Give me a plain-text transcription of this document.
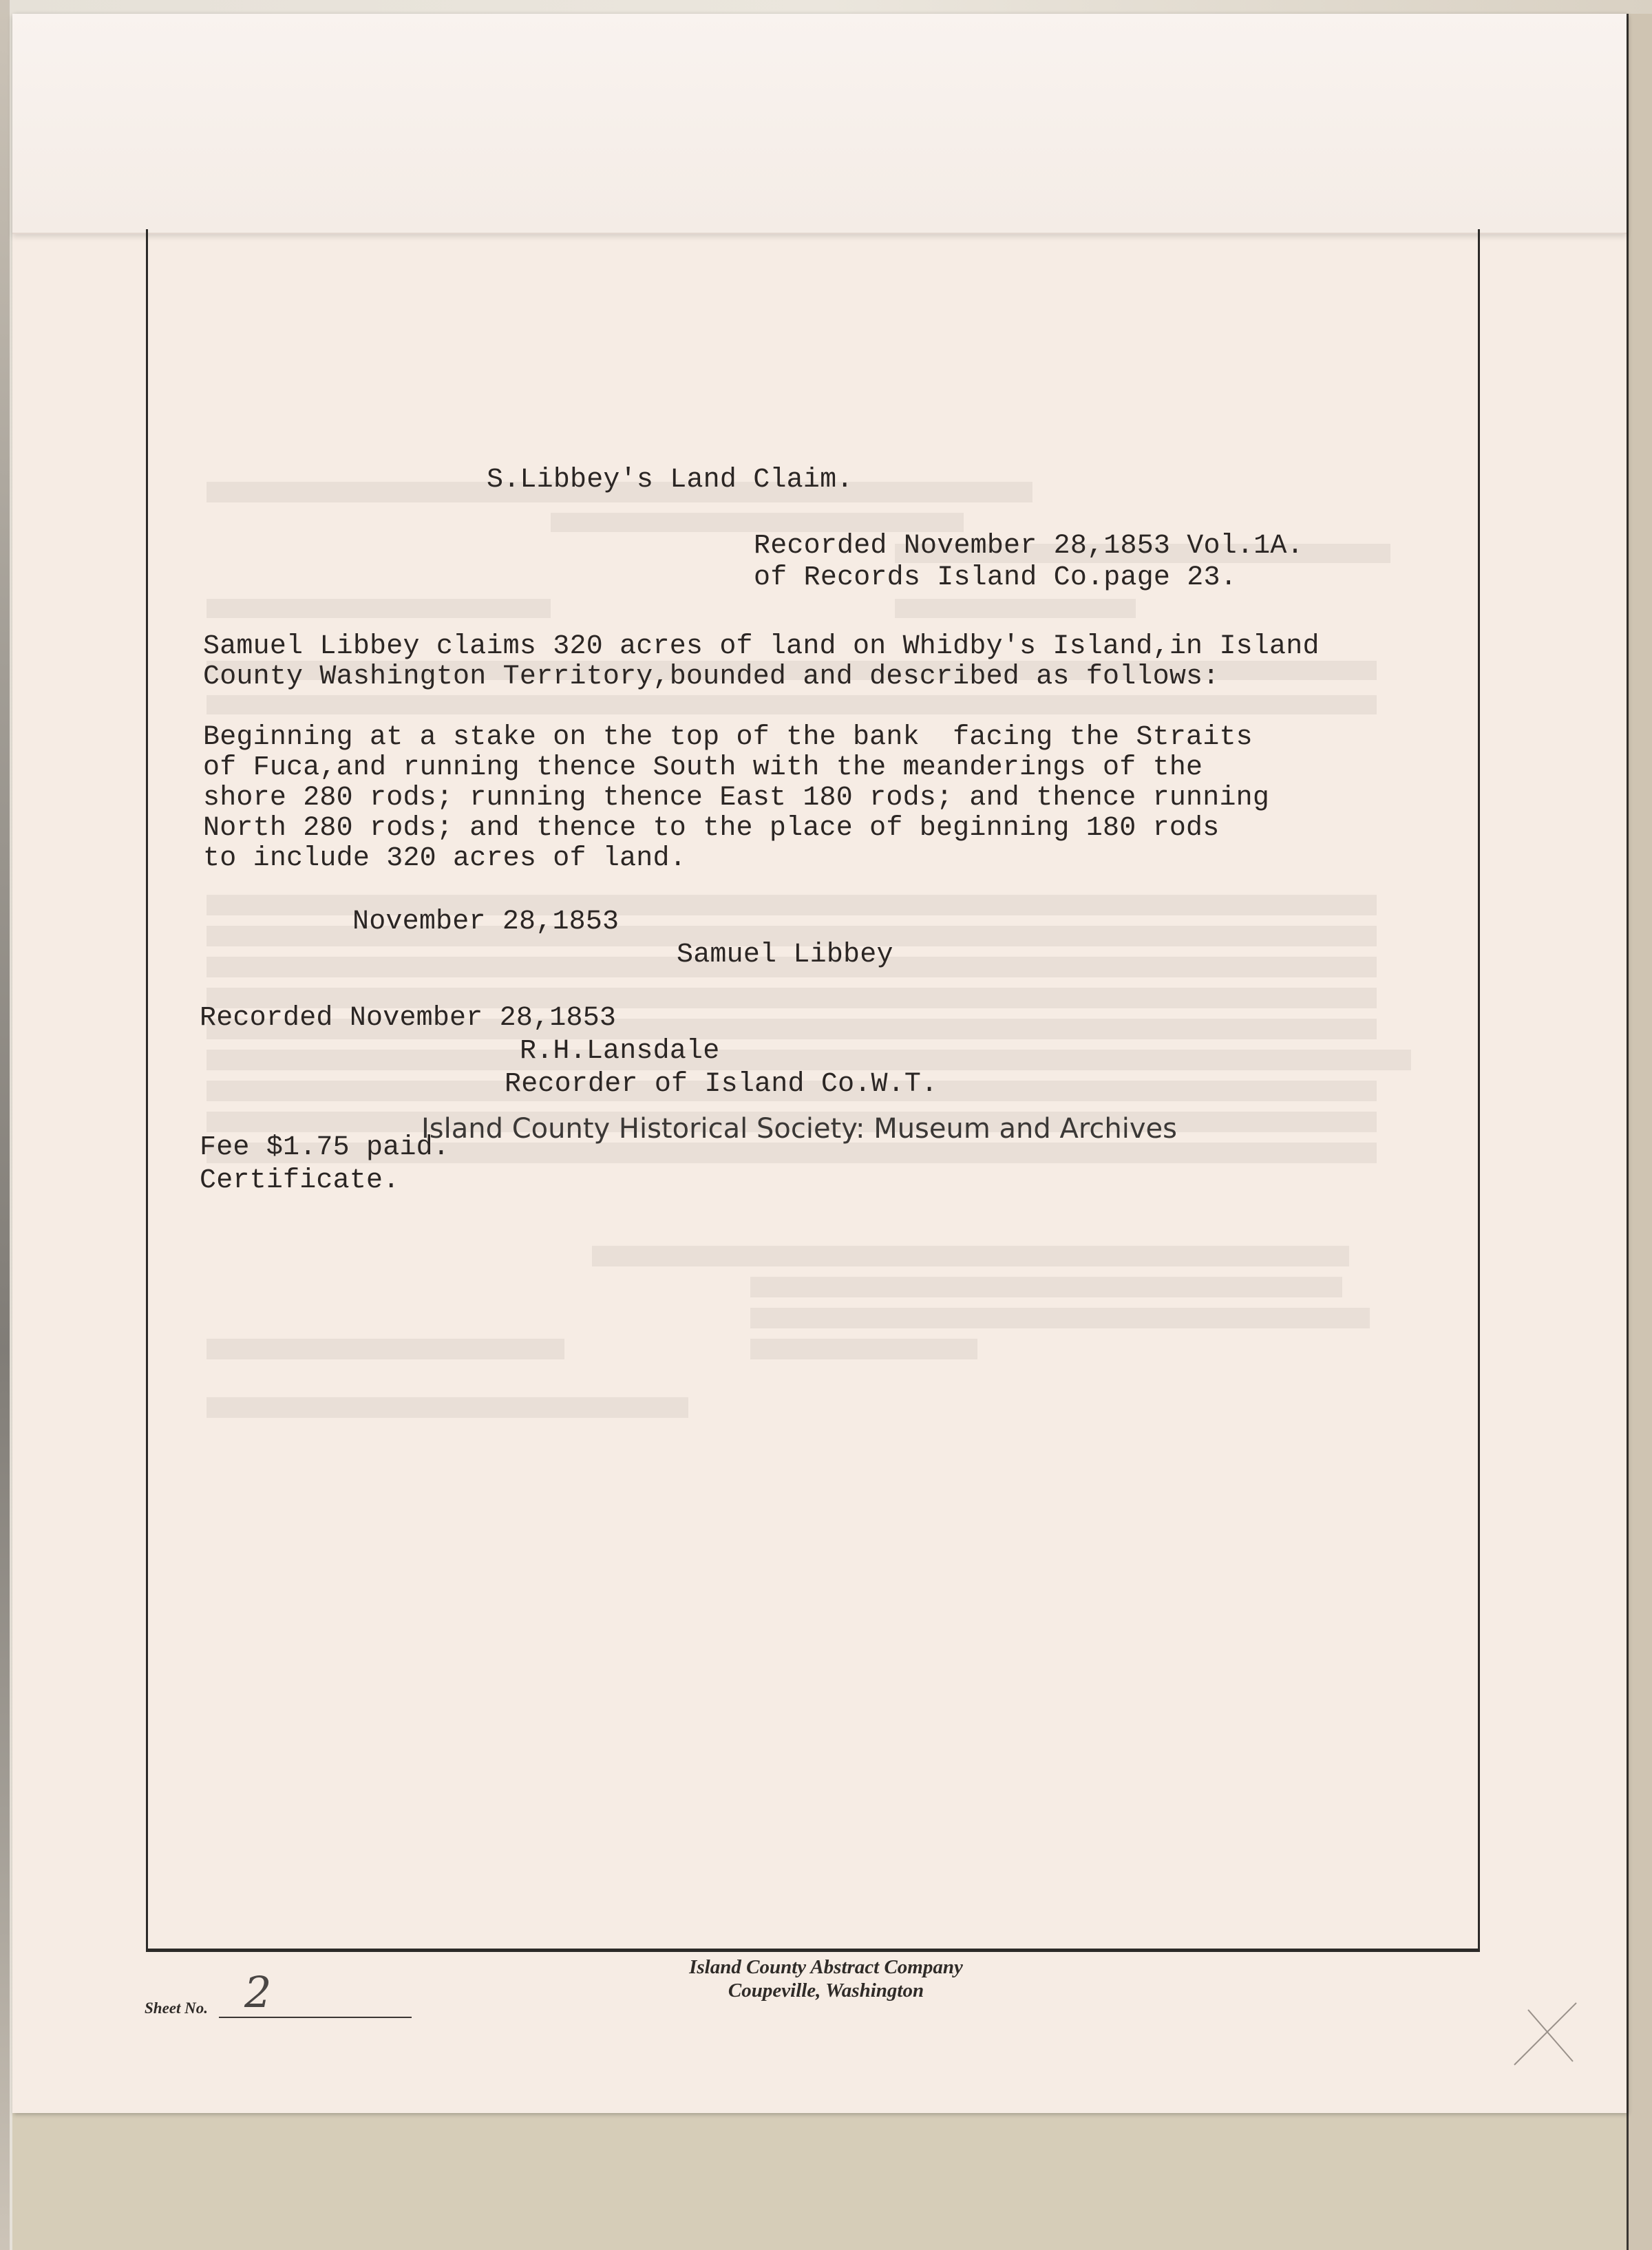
S.Libbey's Land Claim.
Recorded November 28,1853 Vol.1A.
of Records Island Co.page 23.
Samuel Libbey claims 320 acres of land on Whidby's Island,in Island
County Washington Territory,bounded and described as follows:
Beginning at a stake on the top of the bank  facing the Straits
of Fuca,and running thence South with the meanderings of the
shore 280 rods; running thence East 180 rods; and thence running
North 280 rods; and thence to the place of beginning 180 rods
to include 320 acres of land.
November 28,1853
Samuel Libbey
Recorded November 28,1853
R.H.Lansdale
Recorder of Island Co.W.T.
Fee $1.75 paid.
Certificate.
Island County Historical Society: Museum and Archives
Island County Abstract Company
Coupeville, Washington
Sheet No. 2
